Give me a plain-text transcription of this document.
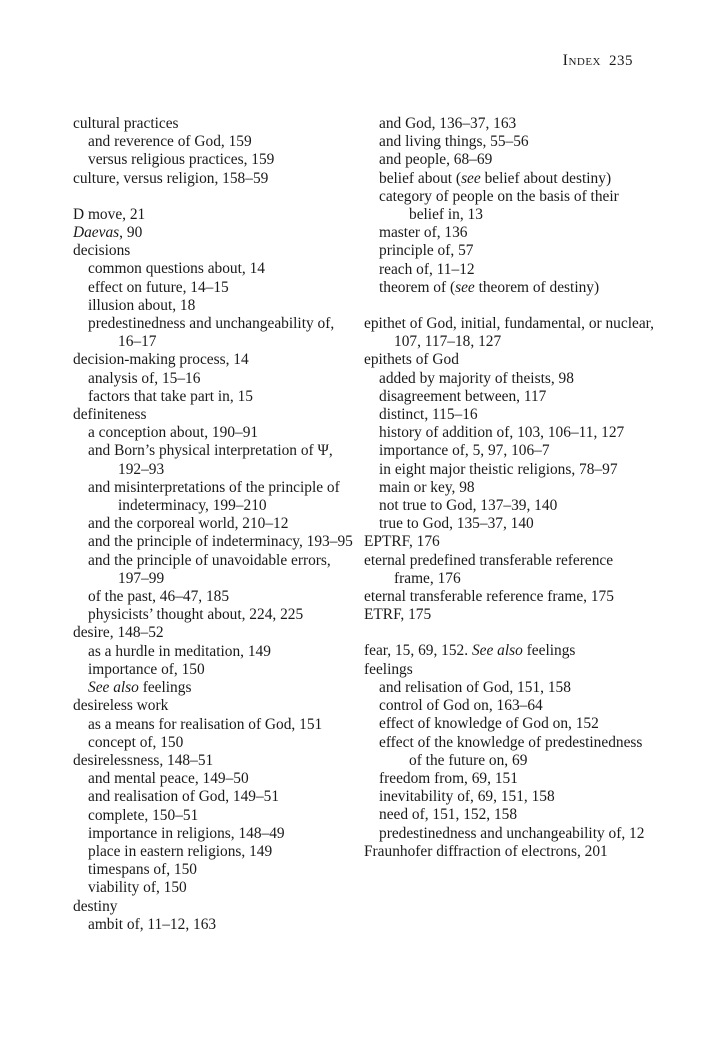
Index 235
cultural practices
and reverence of God, 159
versus religious practices, 159
culture, versus religion, 158–59
D move, 21
Daevas, 90
decisions
common questions about, 14
effect on future, 14–15
illusion about, 18
predestinedness and unchangeability of, 16–17
decision-making process, 14
analysis of, 15–16
factors that take part in, 15
definiteness
a conception about, 190–91
and Born’s physical interpretation of Ψ, 192–93
and misinterpretations of the principle of indeterminacy, 199–210
and the corporeal world, 210–12
and the principle of indeterminacy, 193–95
and the principle of unavoidable errors, 197–99
of the past, 46–47, 185
physicists’ thought about, 224, 225
desire, 148–52
as a hurdle in meditation, 149
importance of, 150
See also feelings
desireless work
as a means for realisation of God, 151
concept of, 150
desirelessness, 148–51
and mental peace, 149–50
and realisation of God, 149–51
complete, 150–51
importance in religions, 148–49
place in eastern religions, 149
timespans of, 150
viability of, 150
destiny
ambit of, 11–12, 163
and God, 136–37, 163
and living things, 55–56
and people, 68–69
belief about (see belief about destiny)
category of people on the basis of their belief in, 13
master of, 136
principle of, 57
reach of, 11–12
theorem of (see theorem of destiny)
epithet of God, initial, fundamental, or nuclear, 107, 117–18, 127
epithets of God
added by majority of theists, 98
disagreement between, 117
distinct, 115–16
history of addition of, 103, 106–11, 127
importance of, 5, 97, 106–7
in eight major theistic religions, 78–97
main or key, 98
not true to God, 137–39, 140
true to God, 135–37, 140
EPTRF, 176
eternal predefined transferable reference frame, 176
eternal transferable reference frame, 175
ETRF, 175
fear, 15, 69, 152. See also feelings
feelings
and relisation of God, 151, 158
control of God on, 163–64
effect of knowledge of God on, 152
effect of the knowledge of predestinedness of the future on, 69
freedom from, 69, 151
inevitability of, 69, 151, 158
need of, 151, 152, 158
predestinedness and unchangeability of, 12
Fraunhofer diffraction of electrons, 201
